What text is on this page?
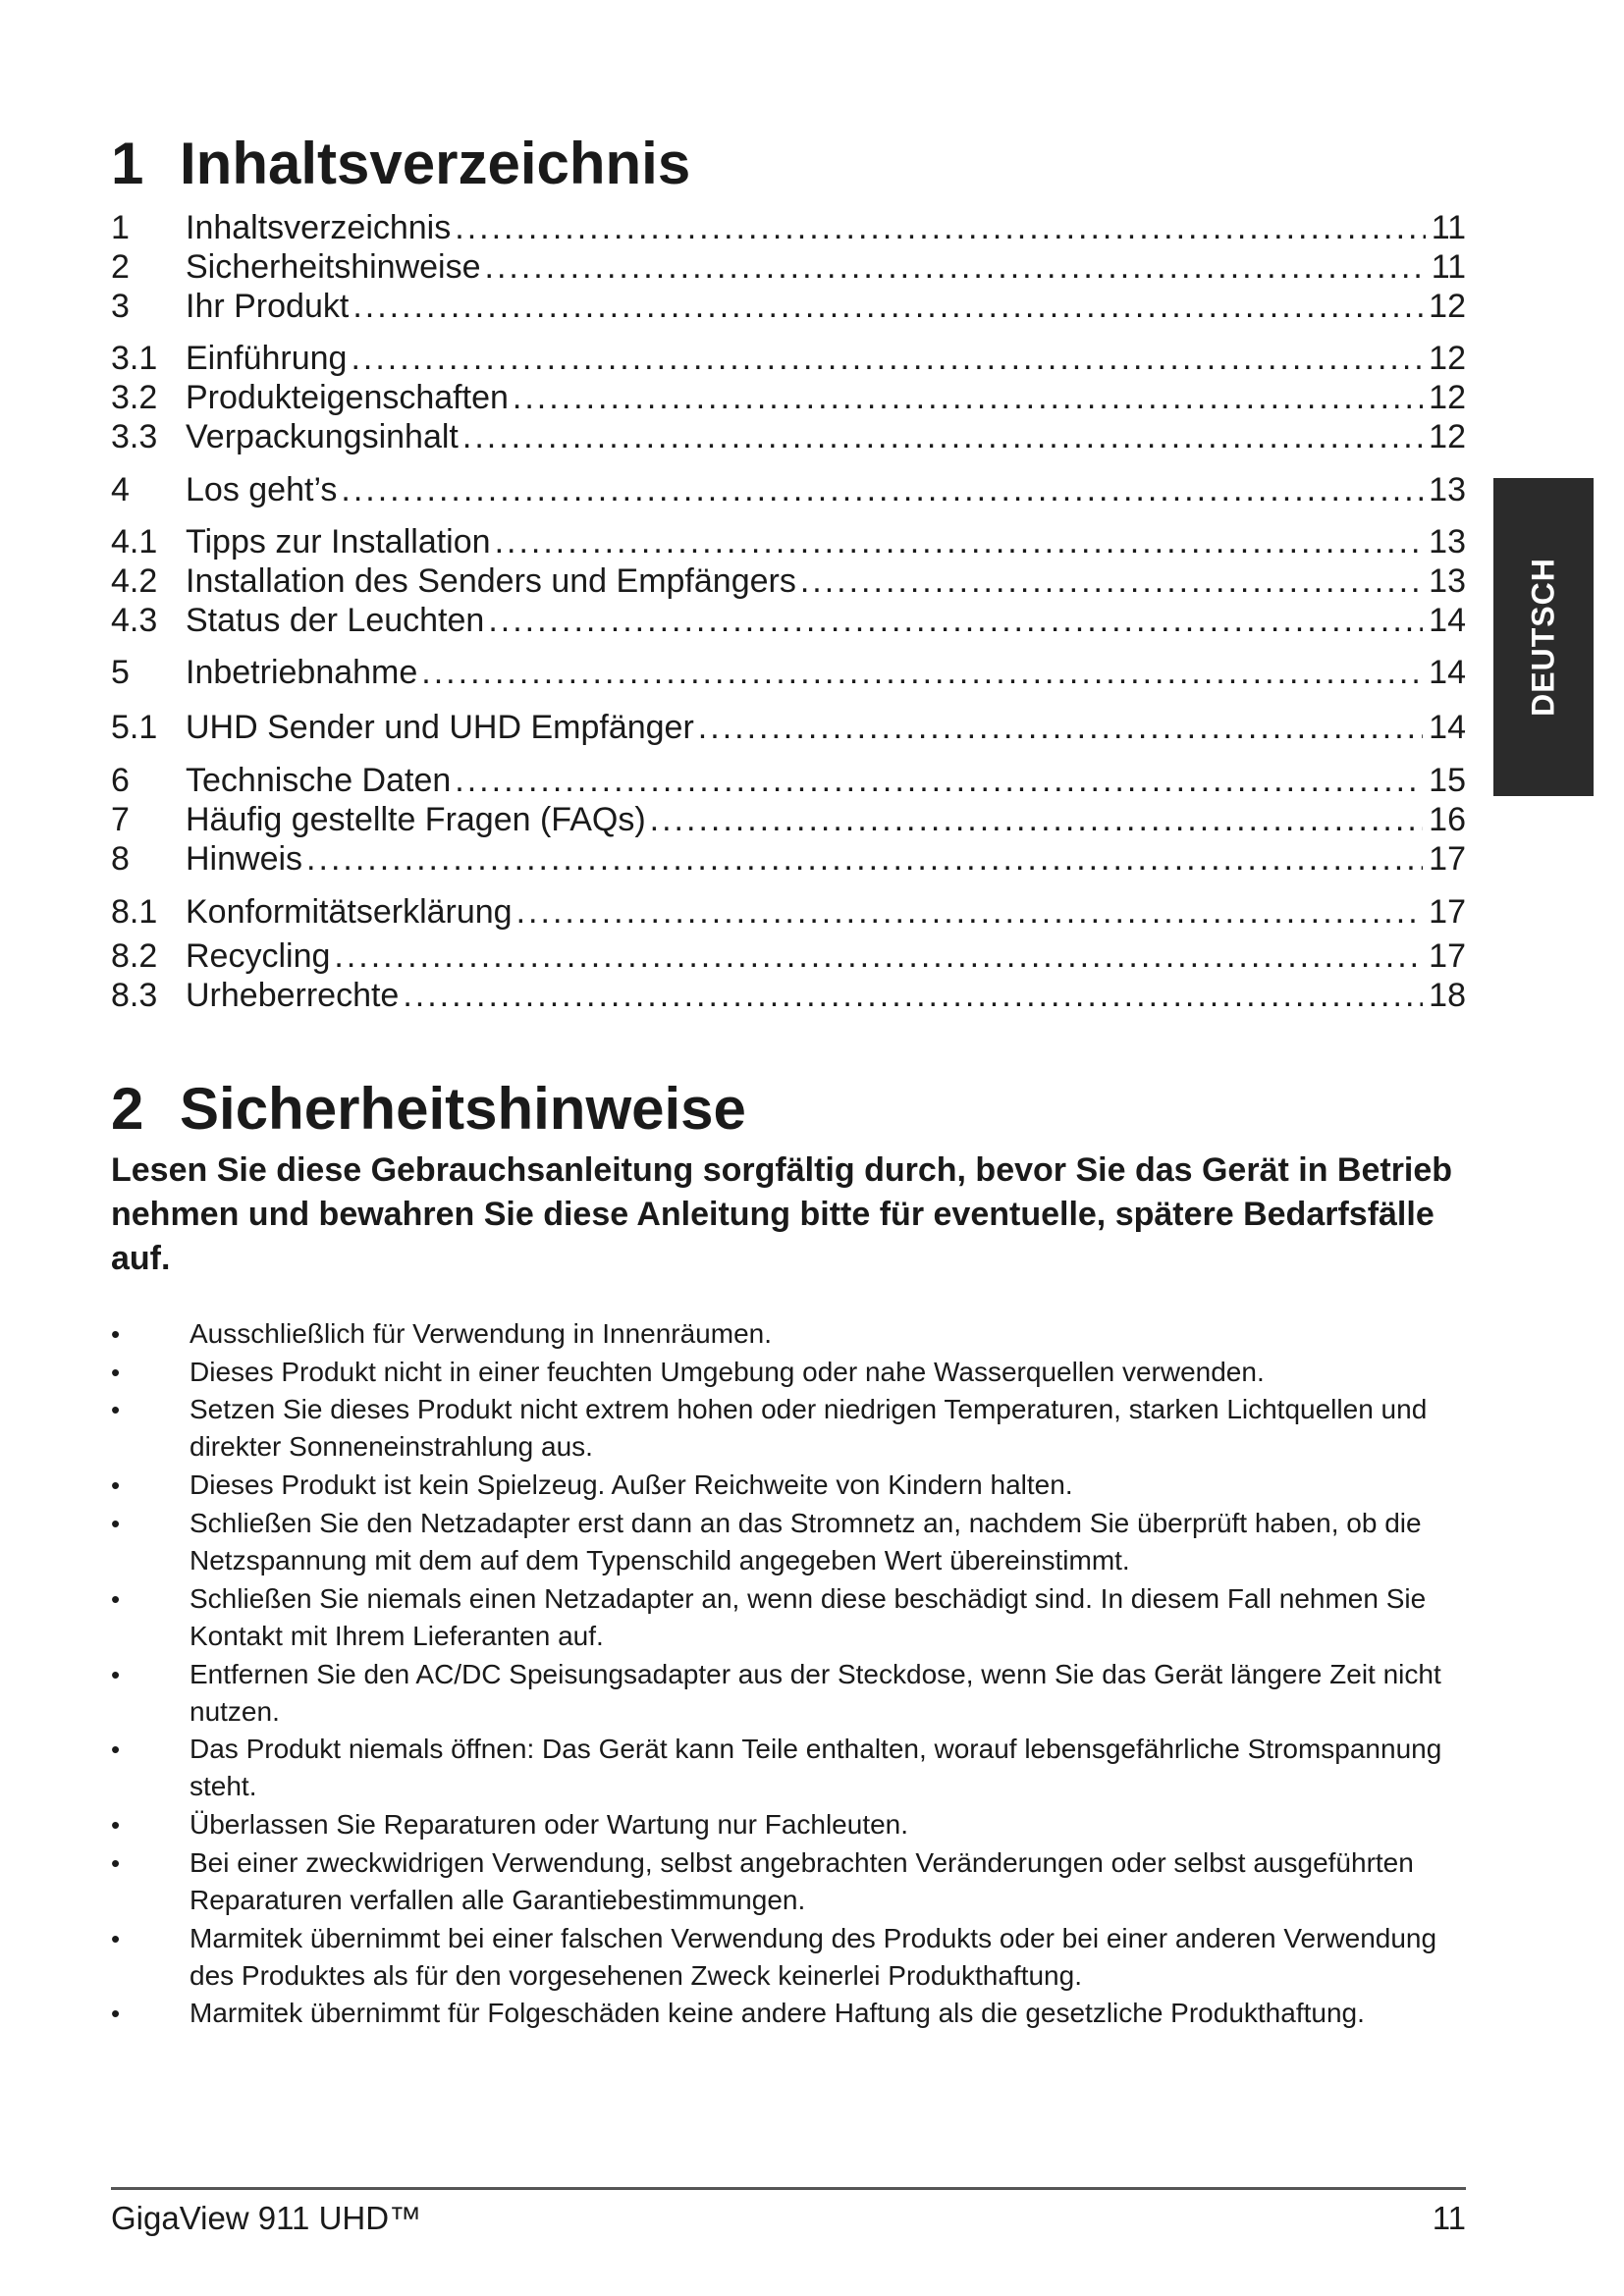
1 Inhaltsverzeichnis
1	Inhaltsverzeichnis .....	11
2	Sicherheitshinweise .....	11
3	Ihr Produkt .....	12
3.1 Einführung .....	12
3.2 Produkteigenschaften .....	12
3.3 Verpackungsinhalt .....	12
4	Los geht’s .....	13
4.1 Tipps zur Installation .....	13
4.2 Installation des Senders und Empfängers .....	13
4.3 Status der Leuchten .....	14
5	Inbetriebnahme .....	14
5.1 UHD Sender und UHD Empfänger .....	14
6	Technische Daten .....	15
7	Häufig gestellte Fragen (FAQs) .....	16
8	Hinweis .....	17
8.1 Konformitätserklärung .....	17
8.2 Recycling .....	17
8.3 Urheberrechte .....	18
2 Sicherheitshinweise

Lesen Sie diese Gebrauchsanleitung sorgfältig durch, bevor Sie das Gerät in Betrieb nehmen und bewahren Sie diese Anleitung bitte für eventuelle, spätere Bedarfsfälle auf.

•	Ausschließlich für Verwendung in Innenräumen.
•	Dieses Produkt nicht in einer feuchten Umgebung oder nahe Wasserquellen verwenden.
•	Setzen Sie dieses Produkt nicht extrem hohen oder niedrigen Temperaturen, starken Lichtquellen und direkter Sonneneinstrahlung aus.
•	Dieses Produkt ist kein Spielzeug. Außer Reichweite von Kindern halten.
•	Schließen Sie den Netzadapter erst dann an das Stromnetz an, nachdem Sie überprüft haben, ob die Netzspannung mit dem auf dem Typenschild angegeben Wert übereinstimmt.
•	Schließen Sie niemals einen Netzadapter an, wenn diese beschädigt sind. In diesem Fall nehmen Sie Kontakt mit Ihrem Lieferanten auf.
•	Entfernen Sie den AC/DC Speisungsadapter aus der Steckdose, wenn Sie das Gerät längere Zeit nicht nutzen.
•	Das Produkt niemals öffnen: Das Gerät kann Teile enthalten, worauf lebensgefährliche Stromspannung steht.
•	Überlassen Sie Reparaturen oder Wartung nur Fachleuten.
•	Bei einer zweckwidrigen Verwendung, selbst angebrachten Veränderungen oder selbst ausgeführten Reparaturen verfallen alle Garantiebestimmungen.
•	Marmitek übernimmt bei einer falschen Verwendung des Produkts oder bei einer anderen Verwendung des Produktes als für den vorgesehenen Zweck keinerlei Produkthaftung.
•	Marmitek übernimmt für Folgeschäden keine andere Haftung als die gesetzliche Produkthaftung.
DEUTSCH
GigaView 911 UHD™	11
